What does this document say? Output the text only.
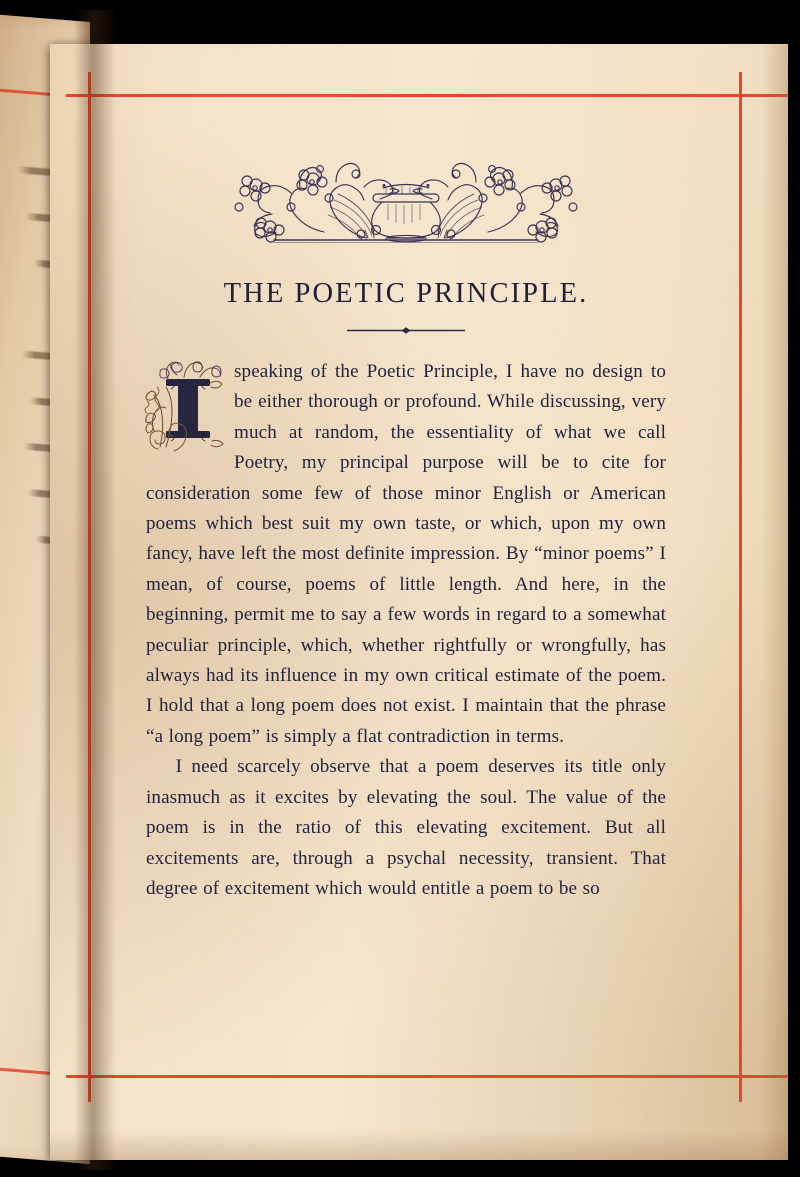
THE POETIC PRINCIPLE.

speaking of the Poetic Principle, I have no design to be either thorough or profound. While discussing, very much at random, the essentiality of what we call Poetry, my principal purpose will be to cite for consideration some few of those minor English or American poems which best suit my own taste, or which, upon my own fancy, have left the most definite impression. By “minor poems” I mean, of course, poems of little length. And here, in the beginning, permit me to say a few words in regard to a somewhat peculiar principle, which, whether rightfully or wrongfully, has always had its influence in my own critical estimate of the poem. I hold that a long poem does not exist. I maintain that the phrase “a long poem” is simply a flat contradiction in terms.

I need scarcely observe that a poem deserves its title only inasmuch as it excites by elevating the soul. The value of the poem is in the ratio of this elevating excitement. But all excitements are, through a psychal necessity, transient. That degree of excitement which would entitle a poem to be so
